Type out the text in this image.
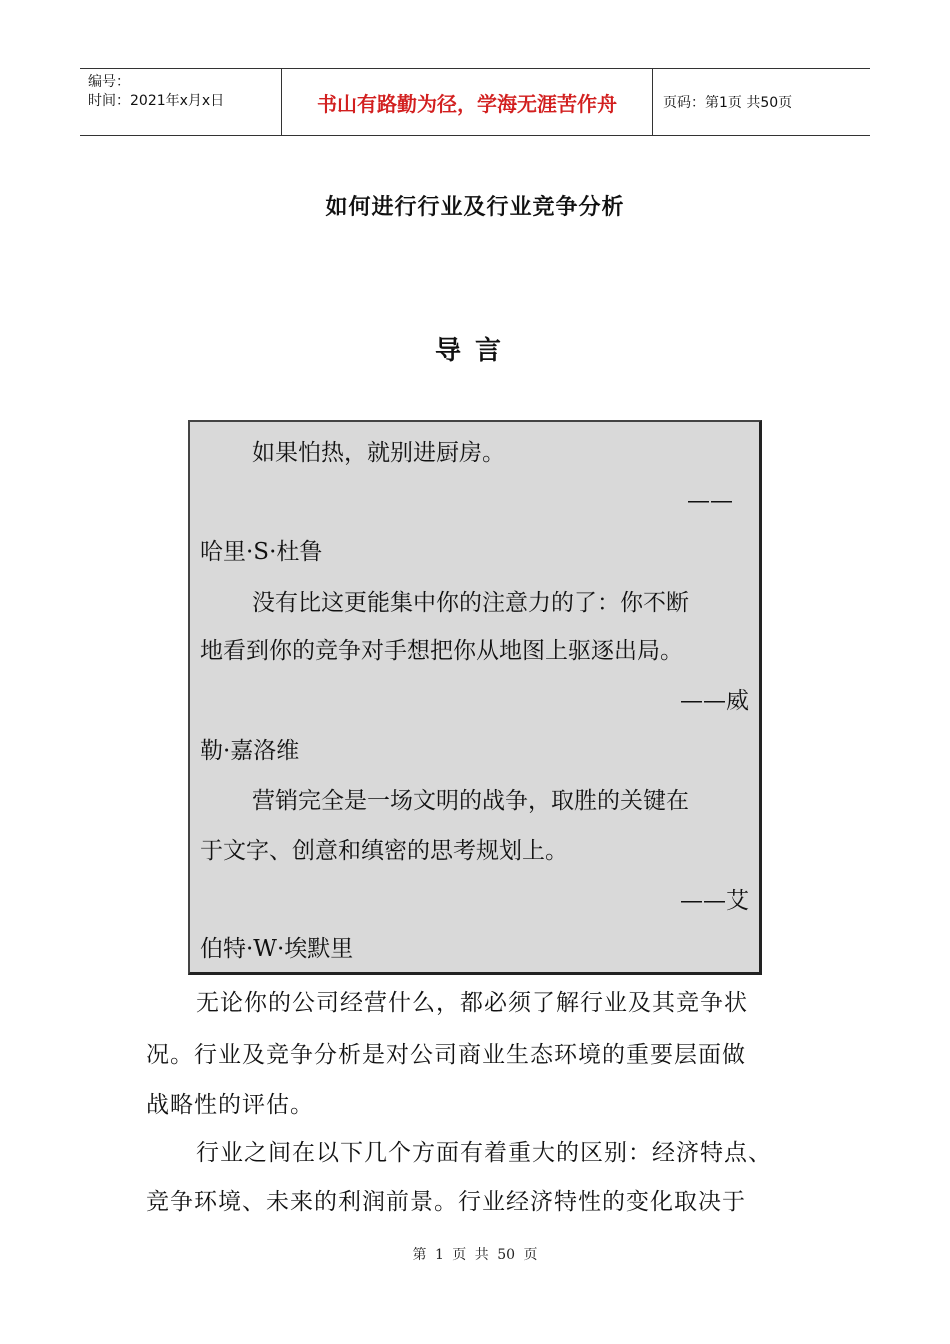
编号：
时间：2021年x月x日	书山有路勤为径，学海无涯苦作舟	页码：第1页 共50页
如何进行行业及行业竞争分析
导言
如果怕热，就别进厨房。
——
哈里·S·杜鲁
没有比这更能集中你的注意力的了：你不断
地看到你的竞争对手想把你从地图上驱逐出局。
——威
勒·嘉洛维
营销完全是一场文明的战争，取胜的关键在
于文字、创意和缜密的思考规划上。
——艾
伯特·W·埃默里
无论你的公司经营什么，都必须了解行业及其竞争状
况。行业及竞争分析是对公司商业生态环境的重要层面做
战略性的评估。
行业之间在以下几个方面有着重大的区别：经济特点、
竞争环境、未来的利润前景。行业经济特性的变化取决于
第 1 页 共 50 页
